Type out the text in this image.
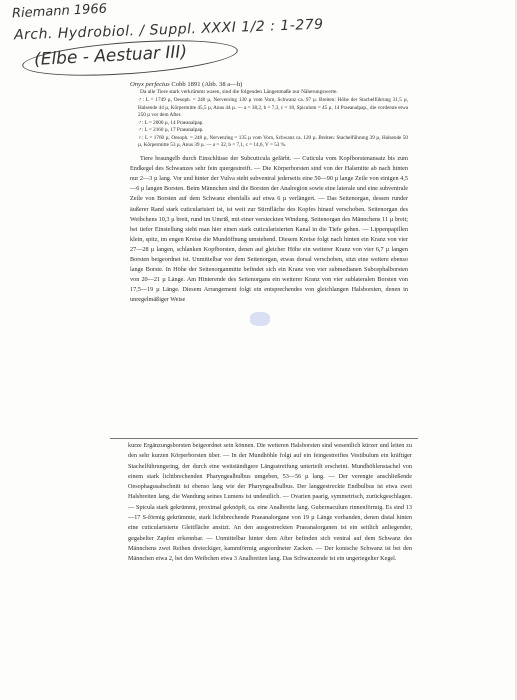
Riemann 1966
Arch. Hydrobiol. / Suppl. XXXI 1/2 : 1-279
(Elbe - Aestuar III)

Onyx perfectus Cobb 1891 (Abb. 38 a—h)

Da alle Tiere stark verkrümmt waren, sind die folgenden Längenmaße nur Näherungswerte.

♂: L = 1749 µ, Oesoph. = 240 µ, Nervenring 130 µ vom Vorn, Schwanz ca. 97 µ. Breiten: Höhe der Stachelführung 31,5 µ, Halsende 44 µ, Körpermitte 45,5 µ, Anus 44 µ. — a = 38,2, b = 7,3, c = 18, Spiculum = 45 µ, 14 Praeanalpap., die vorderste etwa 250 µ vor dem After.

♂: L = 2000 µ, 14 Praeanalpap.

♂: L = 2160 µ, 17 Praeanalpap.

♀: L = 1760 µ, Oesoph. = 248 µ, Nervenring = 135 µ vom Vorn, Schwanz ca. 120 µ. Breiten: Stachelführung 39 µ, Halsende 50 µ, Körpermitte 53 µ, Anus 39 µ. — a = 32, b = 7,1, c = 14,6, V = 53 %.

Tiere braungelb durch Einschlüsse der Subcuticula gefärbt. — Cuticula vom Kopfborstenansatz bis zum Endkegel des Schwanzes sehr fein quergestreift. — Die Körperborsten sind von der Halsmitte ab nach hinten nur 2—3 µ lang. Vor und hinter der Vulva steht subventral jederseits eine 50—90 µ lange Zeile von einigen 4,5—6 µ langen Borsten. Beim Männchen sind die Borsten der Analregion sowie eine laterale und eine subventrale Zeile von Borsten auf dem Schwanz ebenfalls auf etwa 6 µ verlängert. — Das Seitenorgan, dessen runder äußerer Rand stark cuticularisiert ist, ist weit zur Stirnfläche des Kopfes hinauf verschoben. Seitenorgan des Weibchens 10,3 µ breit, rund im Umriß, mit einer versteckten Windung. Seitenorgan des Männchens 11 µ breit; bei tiefer Einstellung sieht man hier einen stark cuticularisierten Kanal in die Tiefe gehen. — Lippenpapillen klein, spitz, im engen Kreise die Mundöffnung umstehend. Diesem Kreise folgt nach hinten ein Kranz von vier 27—28 µ langen, schlanken Kopfborsten, denen auf gleicher Höhe ein weiterer Kranz von vier 6,7 µ langen Borsten beigeordnet ist. Unmittelbar vor dem Seitenorgan, etwas dorsal verschoben, sitzt eine weitere ebenso lange Borste. In Höhe der Seitenorganmitte befindet sich ein Kranz von vier submedianen Subcephalborsten von 20—21 µ Länge. Am Hinterende des Seitenorgans ein weiterer Kranz von vier sublateralen Borsten von 17,5—19 µ Länge. Diesem Arrangement folgt ein entsprechendes von gleichlangen Halsborsten, denen in unregelmäßiger Weise

kurze Ergänzungsborsten beigeordnet sein können. Die weiteren Halsborsten sind wesentlich kürzer und leiten zu den sehr kurzen Körperborsten über. — In der Mundhöhle folgt auf ein feingestreiftes Vestibulum ein kräftiger Stachelführungsring, der durch eine weitständigere Längsstreifung unterteilt erscheint. Mundhöhlenstachel von einem stark lichtbrechenden Pharyngealbulbus umgeben, 53—56 µ lang. — Der verengte anschließende Oesophagusabschnitt ist ebenso lang wie der Pharyngealbulbus. Der langgestreckte Endbulbus ist etwa zwei Halsbreiten lang, die Wandung seines Lumens ist undeutlich. — Ovarien paarig, symmetrisch, zurückgeschlagen. — Spicula stark gekrümmt, proximal geknöpft, ca. eine Analbreite lang. Gubernaculum rinnenförmig. Es sind 13—17 S-förmig gekrümmte, stark lichtbrechende Praeanalorgane von 19 µ Länge vorhanden, denen distal hinten eine cuticularisierte Gleitfläche ansitzt. An den ausgestreckten Praeanalorganen ist ein seitlich anliegender, gegabelter Zapfen erkennbar. — Unmittelbar hinter dem After befinden sich ventral auf dem Schwanz des Männchens zwei Reihen dreieckiger, kammförmig angeordneter Zacken. — Der konische Schwanz ist bei den Männchen etwa 2, bei den Weibchen etwa 3 Analbreiten lang. Das Schwanzende ist ein ungeriegelter Kegel.
